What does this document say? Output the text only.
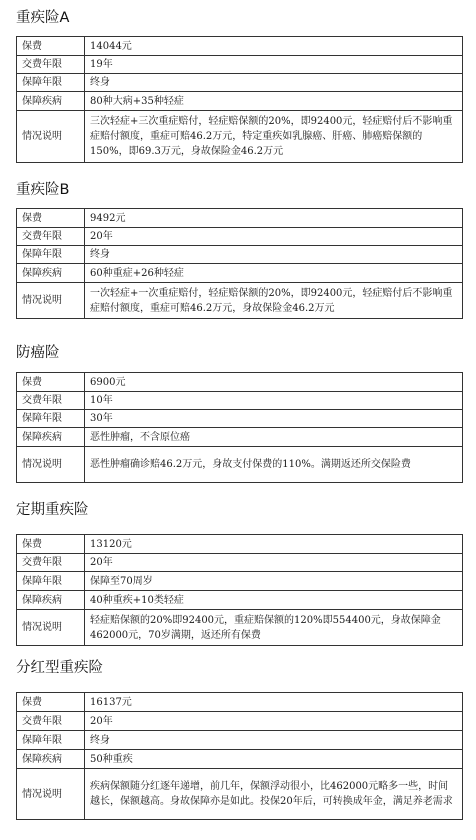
重疾险A
保费	14044元
交费年限	19年
保障年限	终身
保障疾病	80种大病+35种轻症
情况说明	三次轻症+三次重症赔付，轻症赔保额的20%，即92400元，轻症赔付后不影响重症赔付额度，重症可赔46.2万元，特定重疾如乳腺癌、肝癌、肺癌赔保额的150%，即69.3万元，身故保险金46.2万元
重疾险B
保费	9492元
交费年限	20年
保障年限	终身
保障疾病	60种重症+26种轻症
情况说明	一次轻症+一次重症赔付，轻症赔保额的20%，即92400元，轻症赔付后不影响重症赔付额度，重症可赔46.2万元，身故保险金46.2万元
防癌险
保费	6900元
交费年限	10年
保障年限	30年
保障疾病	恶性肿瘤，不含原位癌
情况说明	恶性肿瘤确诊赔46.2万元，身故支付保费的110%。满期返还所交保险费
定期重疾险
保费	13120元
交费年限	20年
保障年限	保障至70周岁
保障疾病	40种重疾+10类轻症
情况说明	轻症赔保额的20%即92400元，重症赔保额的120%即554400元，身故保障金462000元，70岁满期，返还所有保费
分红型重疾险
保费	16137元
交费年限	20年
保障年限	终身
保障疾病	50种重疾
情况说明	疾病保额随分红逐年递增，前几年，保额浮动很小，比462000元略多一些，时间越长，保额越高。身故保障亦是如此。投保20年后，可转换成年金，满足养老需求
